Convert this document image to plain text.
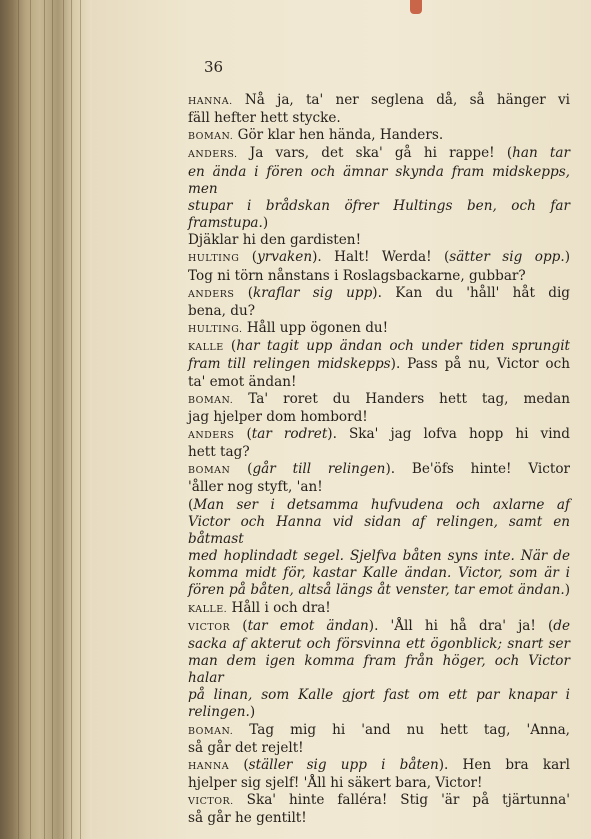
36

HANNA. Nå ja, ta' ner seglena då, så hänger vi

fäll hefter hett stycke.

BOMAN. Gör klar hen hända, Handers.

ANDERS. Ja vars, det ska' gå hi rappe! (han tar

en ända i fören och ämnar skynda fram midskepps, men

stupar i brådskan öfrer Hultings ben, och far framstupa.)

Djäklar hi den gardisten!

HULTING (yrvaken). Halt! Werda! (sätter sig opp.)

Tog ni törn nånstans i Roslagsbackarne, gubbar?

ANDERS (kraflar sig upp). Kan du 'håll' håt dig

bena, du?

HULTING. Håll upp ögonen du!

KALLE (har tagit upp ändan och under tiden sprungit

fram till relingen midskepps). Pass på nu, Victor och

ta' emot ändan!

BOMAN. Ta' roret du Handers hett tag, medan

jag hjelper dom hombord!

ANDERS (tar rodret). Ska' jag lofva hopp hi vind

hett tag?

BOMAN (går till relingen). Be'öfs hinte! Victor

'åller nog styft, 'an!

(Man ser i detsamma hufvudena och axlarne af

Victor och Hanna vid sidan af relingen, samt en båtmast

med hoplindadt segel. Sjelfva båten syns inte. När de

komma midt för, kastar Kalle ändan. Victor, som är i

fören på båten, altså längs åt venster, tar emot ändan.)

KALLE. Håll i och dra!

VICTOR (tar emot ändan). 'Åll hi hå dra' ja! (de

sacka af akterut och försvinna ett ögonblick; snart ser

man dem igen komma fram från höger, och Victor halar

på linan, som Kalle gjort fast om ett par knapar i

relingen.)

BOMAN. Tag mig hi 'and nu hett tag, 'Anna,

så går det rejelt!

HANNA (ställer sig upp i båten). Hen bra karl

hjelper sig sjelf! 'Åll hi säkert bara, Victor!

VICTOR. Ska' hinte falléra! Stig 'är på tjärtunna'

så går he gentilt!
